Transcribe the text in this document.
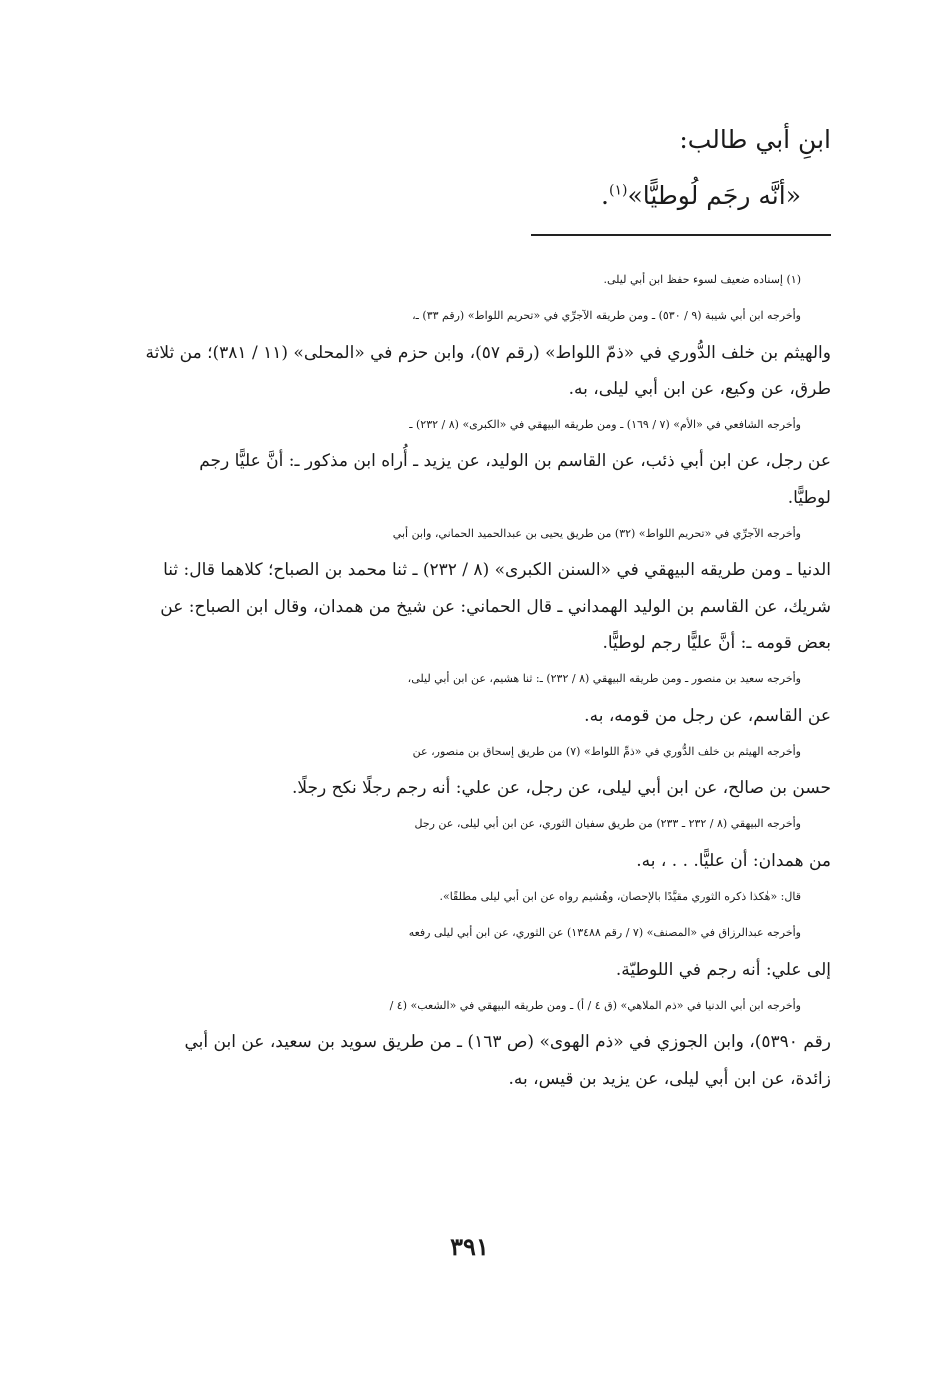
ابنِ أبي طالب:
«أنَّه رجَم لُوطيًّا»$^{(١)}$.
(١) إسناده ضعيف لسوء حفظ ابن أبي ليلى.
وأخرجه ابن أبي شيبة (٩ / ٥٣٠) ـ ومن طريقه الآجرِّي في «تحريم اللواط» (رقم ٣٣) ـ،
والهيثم بن خلف الدُّوري في «ذمّ اللواط» (رقم ٥٧)، وابن حزم في «المحلى» (١١ / ٣٨١)؛ من ثلاثة
طرق، عن وكيع، عن ابن أبي ليلى، به.
وأخرجه الشافعي في «الأم» (٧ / ١٦٩) ـ ومن طريقه البيهقي في «الكبرى» (٨ / ٢٣٢) ـ
عن رجل، عن ابن أبي ذئب، عن القاسم بن الوليد، عن يزيد ـ أُراه ابن مذكور ـ: أنَّ عليًّا رجم
لوطيًّا.
وأخرجه الآجرِّي في «تحريم اللواط» (٣٢) من طريق يحيى بن عبدالحميد الحماني، وابن أبي
الدنيا ـ ومن طريقه البيهقي في «السنن الكبرى» (٨ / ٢٣٢) ـ ثنا محمد بن الصباح؛ كلاهما قال: ثنا
شريك، عن القاسم بن الوليد الهمداني ـ قال الحماني: عن شيخ من همدان، وقال ابن الصباح: عن
بعض قومه ـ: أنَّ عليًّا رجم لوطيًّا.
وأخرجه سعيد بن منصور ـ ومن طريقه البيهقي (٨ / ٢٣٢) ـ: ثنا هشيم، عن ابن أبي ليلى،
عن القاسم، عن رجل من قومه، به.
وأخرجه الهيثم بن خلف الدُّوري في «ذمِّ اللواط» (٧) من طريق إسحاق بن منصور، عن
حسن بن صالح، عن ابن أبي ليلى، عن رجل، عن علي: أنه رجم رجلًا نكح رجلًا.
وأخرجه البيهقي (٨ / ٢٣٢ ـ ٢٣٣) من طريق سفيان الثوري، عن ابن أبي ليلى، عن رجل
من همدان: أن عليًّا. . . ، به.
قال: «هٰكذا ذكره الثوري مقيَّدًا بالإحصان، وهُشيم رواه عن ابن أبي ليلى مطلقًا».
وأخرجه عبدالرزاق في «المصنف» (٧ / رقم ١٣٤٨٨) عن الثوري، عن ابن أبي ليلى رفعه
إلى علي: أنه رجم في اللوطيّة.
وأخرجه ابن أبي الدنيا في «ذم الملاهي» (ق ٤ / أ) ـ ومن طريقه البيهقي في «الشعب» (٤ /
رقم ٥٣٩٠)، وابن الجوزي في «ذم الهوى» (ص ١٦٣) ـ من طريق سويد بن سعيد، عن ابن أبي
زائدة، عن ابن أبي ليلى، عن يزيد بن قيس، به.
٣٩١
